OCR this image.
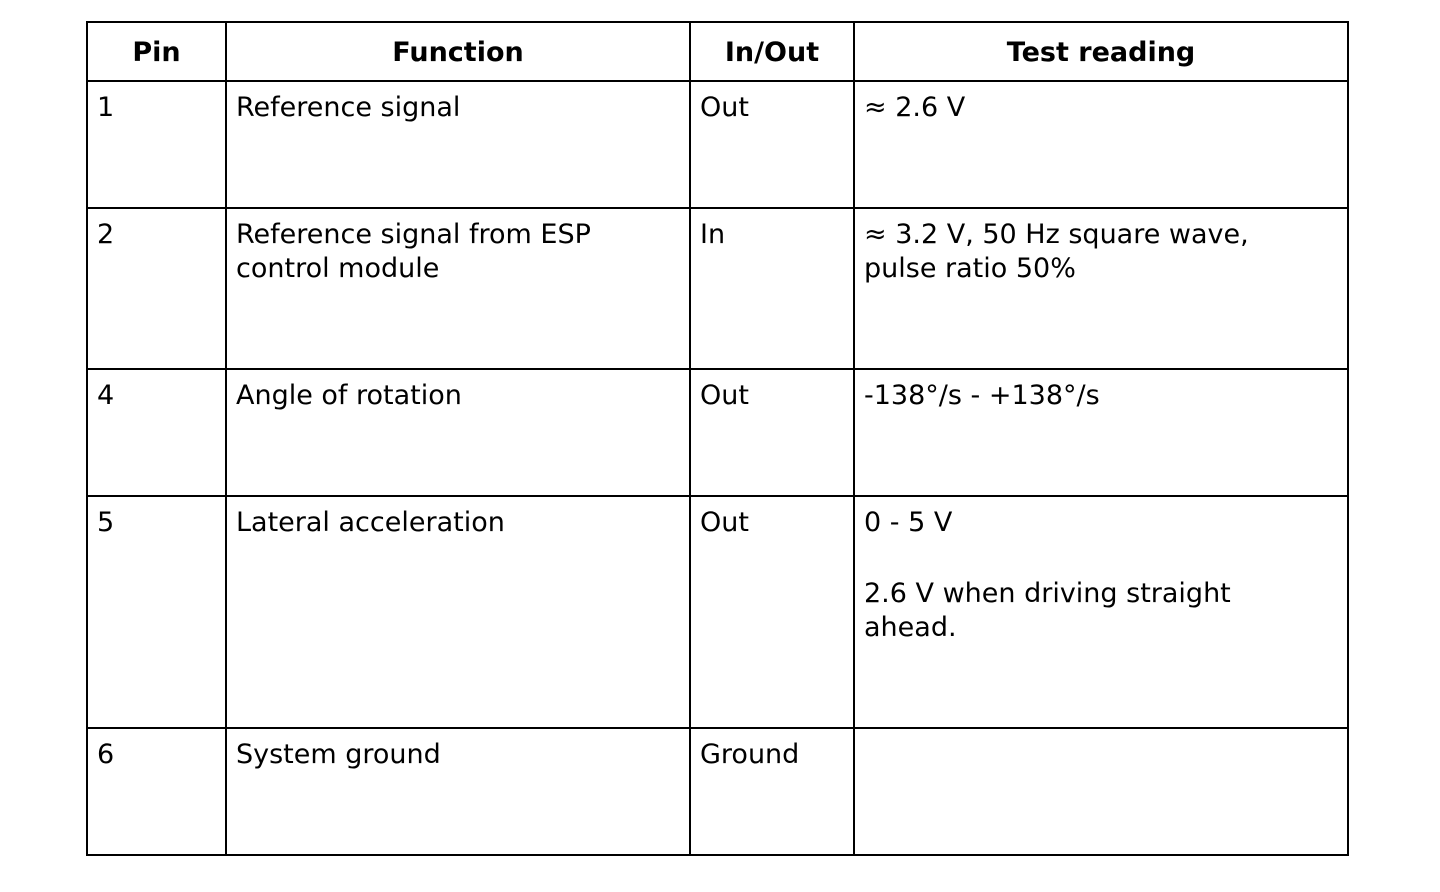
Pin	Function	In/Out	Test reading
1	Reference signal	Out	≈ 2.6 V

2	Reference signal from ESP
control module	In	≈ 3.2 V, 50 Hz square wave,
pulse ratio 50%

4	Angle of rotation	Out	-138°/s - +138°/s

5	Lateral acceleration	Out	0 - 5 V
2.6 V when driving straight
ahead.

6	System ground	Ground	
